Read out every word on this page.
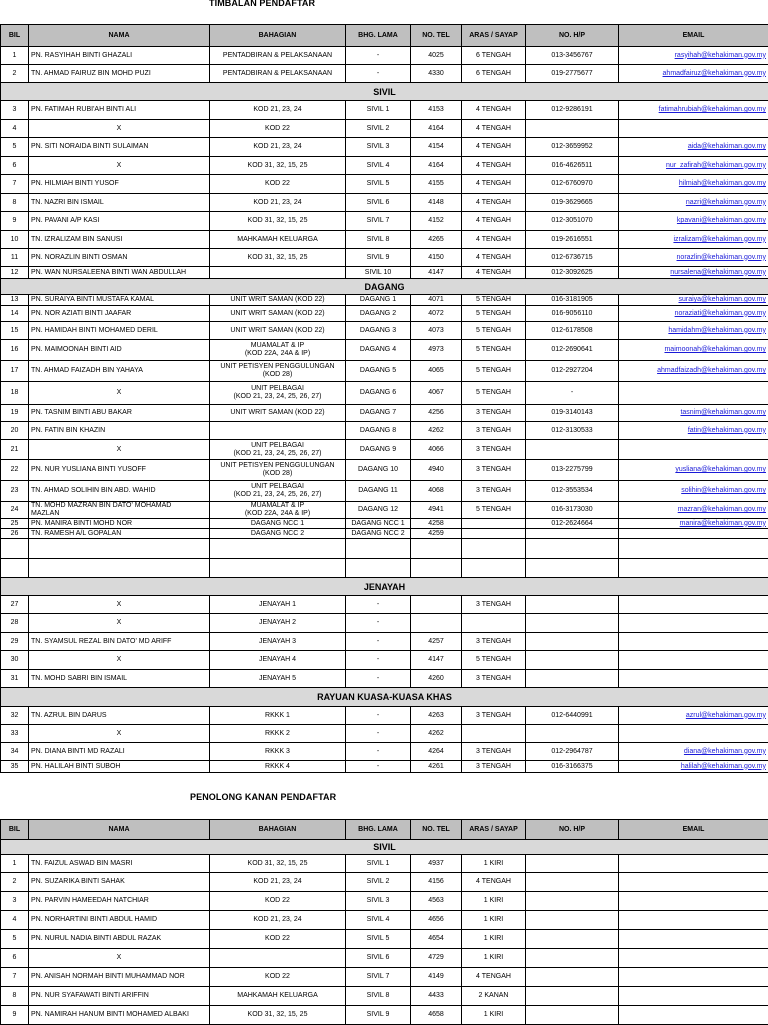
TIMBALAN PENDAFTAR
BIL	NAMA	BAHAGIAN	BHG. LAMA	NO. TEL	ARAS / SAYAP	NO. H/P	EMAIL
1	PN. RASYIHAH BINTI GHAZALI	PENTADBIRAN & PELAKSANAAN	-	4025	6 TENGAH	013-3456767	rasyihah@kehakiman.gov.my
2	TN. AHMAD FAIRUZ BIN MOHD PUZI	PENTADBIRAN & PELAKSANAAN	-	4330	6 TENGAH	019-2775677	ahmadfairuz@kehakiman.gov.my
SIVIL							
3	PN. FATIMAH RUBI'AH BINTI ALI	KOD 21, 23, 24	SIVIL 1	4153	4 TENGAH	012-9286191	fatimahrubiah@kehakiman.gov.my
4	X	KOD 22	SIVIL 2	4164	4 TENGAH		
5	PN. SITI NORAIDA BINTI SULAIMAN	KOD 21, 23, 24	SIVIL 3	4154	4 TENGAH	012-3659952	aida@kehakiman.gov.my
6	X	KOD 31, 32, 15, 25	SIVIL 4	4164	4 TENGAH	016-4626511	nur_zafirah@kehakiman.gov.my
7	PN. HILMIAH BINTI YUSOF	KOD 22	SIVIL 5	4155	4 TENGAH	012-6760970	hilmiah@kehakiman.gov.my
8	TN. NAZRI BIN ISMAIL	KOD 21, 23, 24	SIVIL 6	4148	4 TENGAH	019-3629665	nazri@kehakiman.gov.my
9	PN. PAVANI A/P KASI	KOD 31, 32, 15, 25	SIVIL 7	4152	4 TENGAH	012-3051070	kpavani@kehakiman.gov.my
10	TN. IZRALIZAM BIN SANUSI	MAHKAMAH KELUARGA	SIVIL 8	4265	4 TENGAH	019-2616551	izralizam@kehakiman.gov.my
11	PN. NORAZLIN BINTI OSMAN	KOD 31, 32, 15, 25	SIVIL 9	4150	4 TENGAH	012-6736715	norazlin@kehakiman.gov.my
12	PN. WAN NURSALEENA BINTI WAN ABDULLAH		SIVIL 10	4147	4 TENGAH	012-3092625	nursalena@kehakiman.gov.my
DAGANG							
13	PN. SURAIYA BINTI MUSTAFA KAMAL	UNIT WRIT SAMAN (KOD 22)	DAGANG 1	4071	5 TENGAH	016-3181905	suraiya@kehakiman.gov.my
14	PN. NOR AZIATI BINTI JAAFAR	UNIT WRIT SAMAN (KOD 22)	DAGANG 2	4072	5 TENGAH	016-9056110	noraziati@kehakiman.gov.my
15	PN. HAMIDAH BINTI MOHAMED DERIL	UNIT WRIT SAMAN (KOD 22)	DAGANG 3	4073	5 TENGAH	012-6178508	hamidahm@kehakiman.gov.my
16	PN. MAIMOONAH BINTI AID	MUAMALAT & IP
(KOD 22A, 24A & IP)	DAGANG 4	4973	5 TENGAH	012-2690641	maimoonah@kehakiman.gov.my
17	TN. AHMAD FAIZADH BIN YAHAYA	UNIT PETISYEN PENGGULUNGAN
(KOD 28)	DAGANG 5	4065	5 TENGAH	012-2927204	ahmadfaizadh@kehakiman.gov.my
18	X	UNIT PELBAGAI
(KOD 21, 23, 24, 25, 26, 27)	DAGANG 6	4067	5 TENGAH	-	
19	PN. TASNIM BINTI ABU BAKAR	UNIT WRIT SAMAN (KOD 22)	DAGANG 7	4256	3 TENGAH	019-3140143	tasnim@kehakiman.gov.my
20	PN. FATIN BIN KHAZIN		DAGANG 8	4262	3 TENGAH	012-3130533	fatin@kehakiman.gov.my
21	X	UNIT PELBAGAI
(KOD 21, 23, 24, 25, 26, 27)	DAGANG 9	4066	3 TENGAH		
22	PN. NUR YUSLIANA BINTI YUSOFF	UNIT PETISYEN PENGGULUNGAN
(KOD 28)	DAGANG 10	4940	3 TENGAH	013-2275799	yusliana@kehakiman.gov.my
23	TN. AHMAD SOLIHIN BIN ABD. WAHID	UNIT PELBAGAI
(KOD 21, 23, 24, 25, 26, 27)	DAGANG 11	4068	3 TENGAH	012-3553534	solihin@kehakiman.gov.my
24	TN. MOHD MAZRAN BIN DATO' MOHAMAD
MAZLAN	MUAMALAT & IP
(KOD 22A, 24A & IP)	DAGANG 12	4941	5 TENGAH	016-3173030	mazran@kehakiman.gov.my
25	PN. MANIRA BINTI MOHD NOR	DAGANG NCC 1	DAGANG NCC 1	4258		012-2624664	manira@kehakiman.gov.my
26	TN. RAMESH A/L GOPALAN	DAGANG NCC 2	DAGANG NCC 2	4259			

JENAYAH							
27	X	JENAYAH 1	-		3 TENGAH		
28	X	JENAYAH 2	-				
29	TN. SYAMSUL REZAL BIN DATO' MD ARIFF	JENAYAH 3	-	4257	3 TENGAH		
30	X	JENAYAH 4	-	4147	5 TENGAH		
31	TN. MOHD SABRI BIN ISMAIL	JENAYAH 5	-	4260	3 TENGAH		
RAYUAN KUASA-KUASA KHAS							
32	TN. AZRUL BIN DARUS	RKKK 1	-	4263	3 TENGAH	012-6440991	azrul@kehakiman.gov.my
33	X	RKKK 2	-	4262			
34	PN. DIANA BINTI MD RAZALI	RKKK 3	-	4264	3 TENGAH	012-2964787	diana@kehakiman.gov.my
35	PN. HALILAH BINTI SUBOH	RKKK 4	-	4261	3 TENGAH	016-3166375	halilah@kehakiman.gov.my
PENOLONG KANAN PENDAFTAR
BIL	NAMA	BAHAGIAN	BHG. LAMA	NO. TEL	ARAS / SAYAP	NO. H/P	EMAIL
SIVIL							
1	TN. FAIZUL ASWAD BIN MASRI	KOD 31, 32, 15, 25	SIVIL 1	4937	1 KIRI		
2	PN. SUZARIKA BINTI SAHAK	KOD 21, 23, 24	SIVIL 2	4156	4 TENGAH		
3	PN. PARVIN HAMEEDAH NATCHIAR	KOD 22	SIVIL 3	4563	1 KIRI		
4	PN. NORHARTINI BINTI ABDUL HAMID	KOD 21, 23, 24	SIVIL 4	4656	1 KIRI		
5	PN. NURUL NADIA BINTI ABDUL RAZAK	KOD 22	SIVIL 5	4654	1 KIRI		
6	X		SIVIL 6	4729	1 KIRI		
7	PN. ANISAH NORMAH BINTI MUHAMMAD NOR	KOD 22	SIVIL 7	4149	4 TENGAH		
8	PN. NUR SYAFAWATI BINTI ARIFFIN	MAHKAMAH KELUARGA	SIVIL 8	4433	2 KANAN		
9	PN. NAMIRAH HANUM BINTI MOHAMED ALBAKI	KOD 31, 32, 15, 25	SIVIL 9	4658	1 KIRI		
